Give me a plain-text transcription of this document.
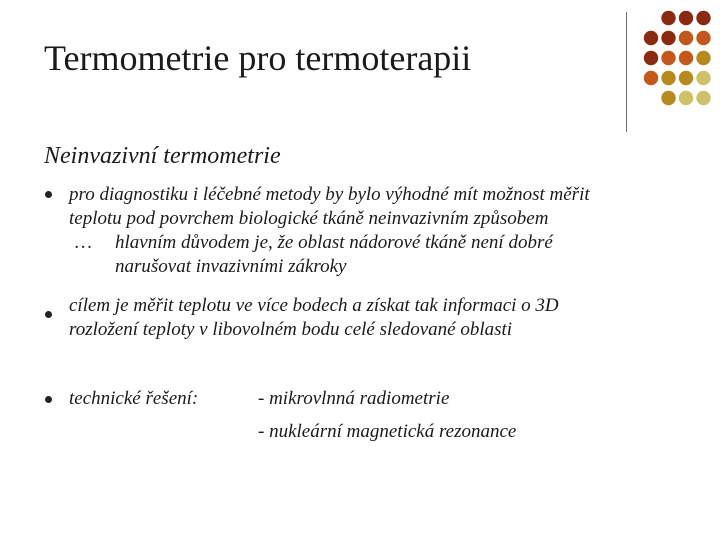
Termometrie pro termoterapii
Neinvazivní termometrie
pro diagnostiku i léčebné metody by bylo výhodné mít možnost měřit
teplotu pod povrchem biologické tkáně neinvazivním způsobem
… hlavním důvodem je, že oblast nádorové tkáně není dobré
narušovat invazivními zákroky
cílem je měřit teplotu ve více bodech a získat tak informaci o 3D
rozložení teploty v libovolném bodu celé sledované oblasti
technické řešení:	- mikrovlnná radiometrie
- nukleární magnetická rezonance
